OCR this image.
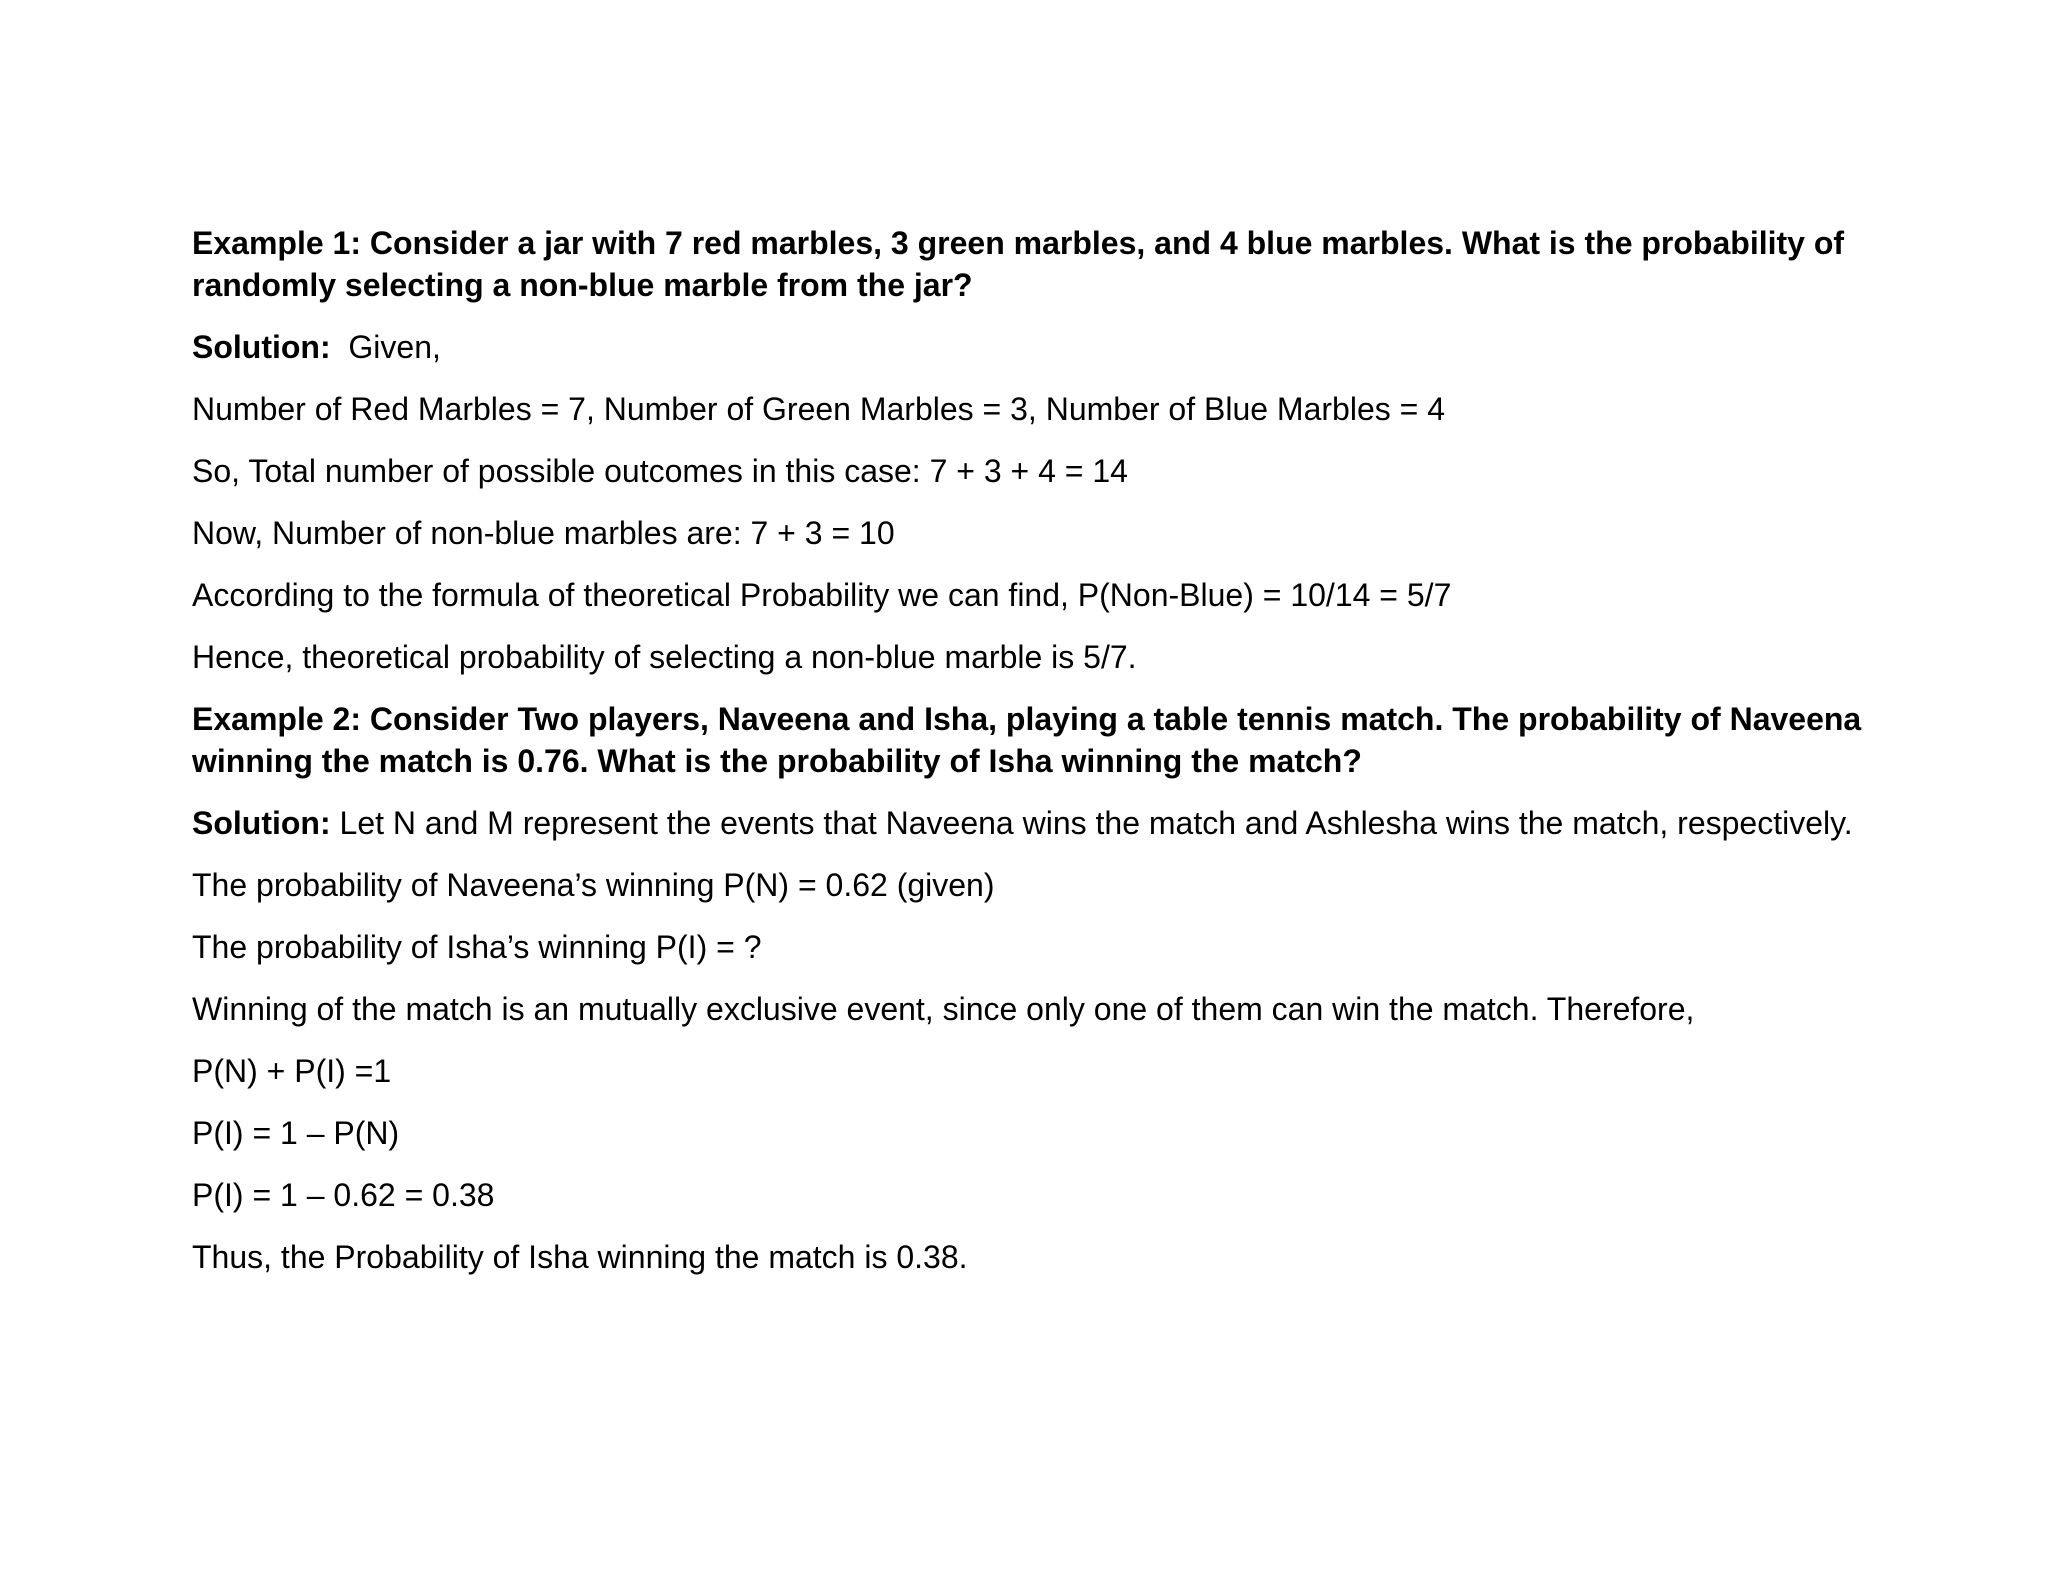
Example 1: Consider a jar with 7 red marbles, 3 green marbles, and 4 blue marbles. What is the probability of randomly selecting a non-blue marble from the jar?
Solution: Given,
Number of Red Marbles = 7, Number of Green Marbles = 3, Number of Blue Marbles = 4
So, Total number of possible outcomes in this case: 7 + 3 + 4 = 14
Now, Number of non-blue marbles are: 7 + 3 = 10
According to the formula of theoretical Probability we can find, P(Non-Blue) = 10/14 = 5/7
Hence, theoretical probability of selecting a non-blue marble is 5/7.
Example 2: Consider Two players, Naveena and Isha, playing a table tennis match. The probability of Naveena winning the match is 0.76. What is the probability of Isha winning the match?
Solution: Let N and M represent the events that Naveena wins the match and Ashlesha wins the match, respectively.
The probability of Naveena’s winning P(N) = 0.62 (given)
The probability of Isha’s winning P(I) = ?
Winning of the match is an mutually exclusive event, since only one of them can win the match. Therefore,
P(N) + P(I) =1
P(I) = 1 – P(N)
P(I) = 1 – 0.62 = 0.38
Thus, the Probability of Isha winning the match is 0.38.
